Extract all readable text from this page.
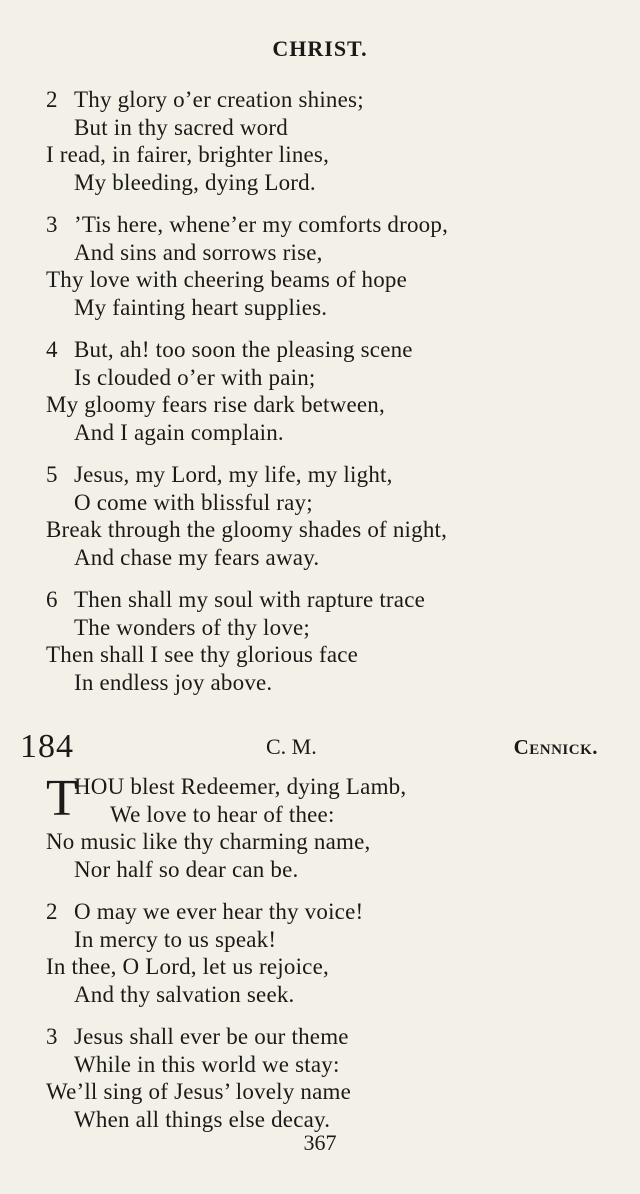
CHRIST.
2 Thy glory o’er creation shines;
But in thy sacred word
I read, in fairer, brighter lines,
My bleeding, dying Lord.
3 ’Tis here, whene’er my comforts droop,
And sins and sorrows rise,
Thy love with cheering beams of hope
My fainting heart supplies.
4 But, ah! too soon the pleasing scene
Is clouded o’er with pain;
My gloomy fears rise dark between,
And I again complain.
5 Jesus, my Lord, my life, my light,
O come with blissful ray;
Break through the gloomy shades of night,
And chase my fears away.
6 Then shall my soul with rapture trace
The wonders of thy love;
Then shall I see thy glorious face
In endless joy above.
184	C. M.	Cennick.
T
HOU blest Redeemer, dying Lamb,
We love to hear of thee:
No music like thy charming name,
Nor half so dear can be.
2 O may we ever hear thy voice!
In mercy to us speak!
In thee, O Lord, let us rejoice,
And thy salvation seek.
3 Jesus shall ever be our theme
While in this world we stay:
We’ll sing of Jesus’ lovely name
When all things else decay.
367
